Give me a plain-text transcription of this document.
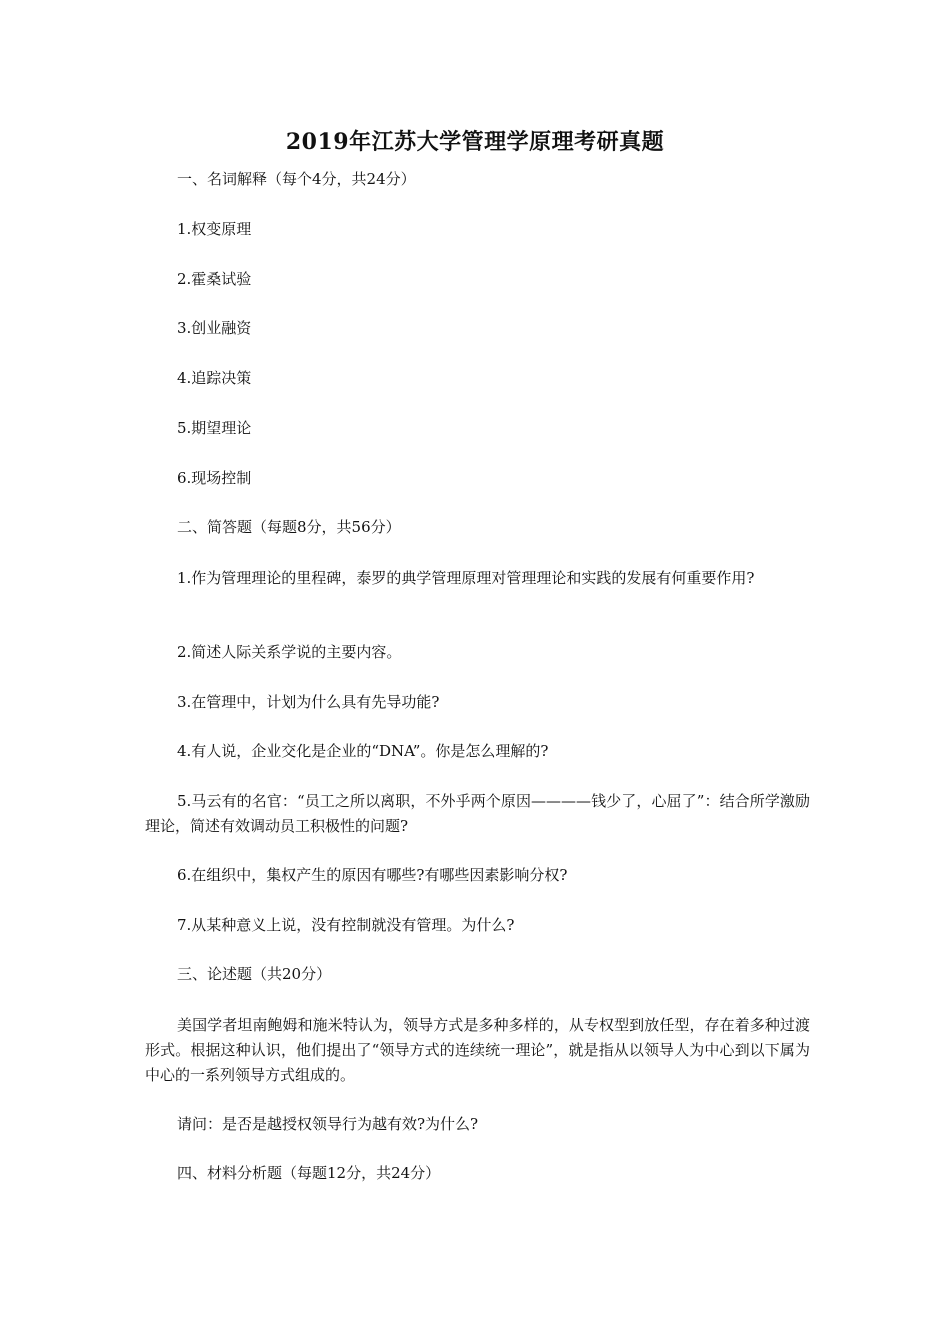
2019年江苏大学管理学原理考研真题
一、名词解释（每个4分，共24分）
1.权变原理
2.霍桑试验
3.创业融资
4.追踪决策
5.期望理论
6.现场控制
二、简答题（每题8分，共56分）
1.作为管理理论的里程碑，泰罗的典学管理原理对管理理论和实践的发展有何重要作用?
2.简述人际关系学说的主要内容。
3.在管理中，计划为什么具有先导功能?
4.有人说，企业交化是企业的“DNA”。你是怎么理解的?
5.马云有的名官：“员工之所以离职，不外乎两个原因————钱少了，心屈了”：结合所学激励理论，简述有效调动员工积极性的问题?
6.在组织中，集权产生的原因有哪些?有哪些因素影响分权?
7.从某种意义上说，没有控制就没有管理。为什么?
三、论述题（共20分）
美国学者坦南鲍姆和施米特认为，领导方式是多种多样的，从专权型到放任型，存在着多种过渡形式。根据这种认识，他们提出了“领导方式的连续统一理论”，就是指从以领导人为中心到以下属为中心的一系列领导方式组成的。
请问：是否是越授权领导行为越有效?为什么?
四、材料分析题（每题12分，共24分）
